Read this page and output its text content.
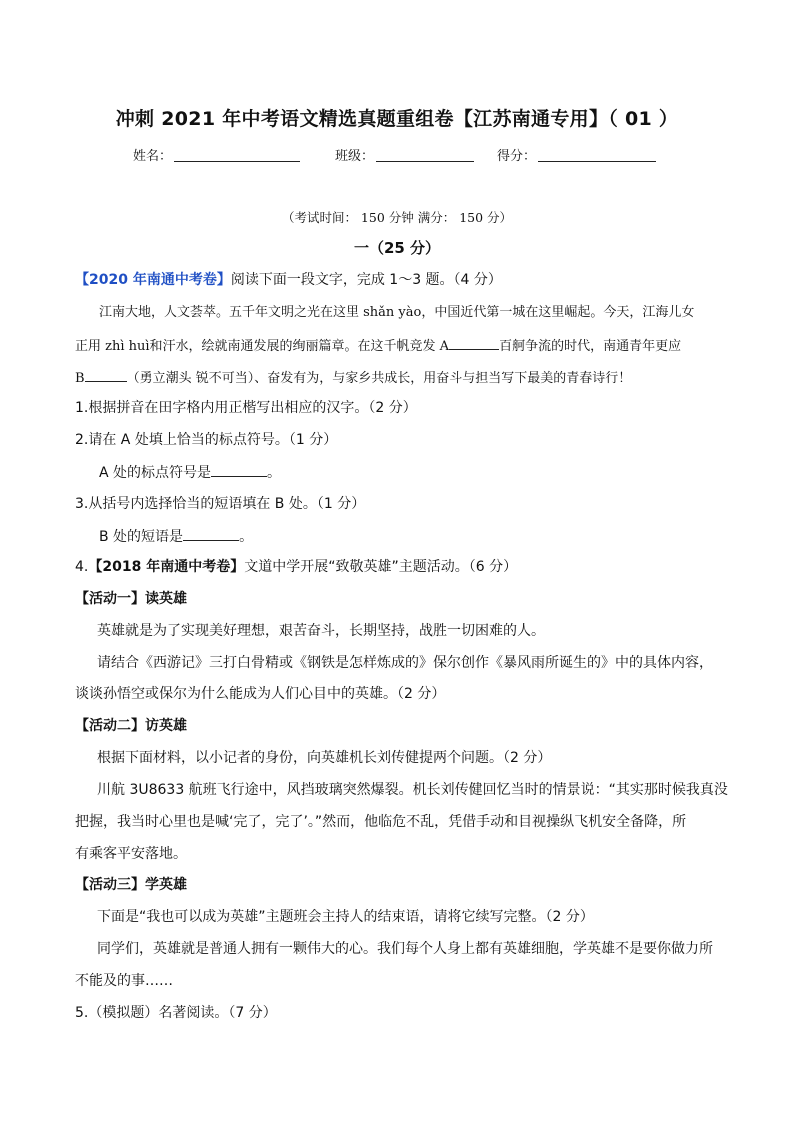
冲刺 2021 年中考语文精选真题重组卷【江苏南通专用】（ 01 ）
姓名：	班级：	得分：
（考试时间： 150 分钟 满分： 150 分）
一（25 分）
【2020 年南通中考卷】阅读下面一段文字，完成 1～3 题。（4 分）
江南大地，人文荟萃。五千年文明之光在这里 shǎn yào，中国近代第一城在这里崛起。今天，江海儿女
正用 zhì huì和汗水，绘就南通发展的绚丽篇章。在这千帆竞发 A	百舸争流的时代，南通青年更应
B	（勇立潮头 锐不可当）、奋发有为，与家乡共成长，用奋斗与担当写下最美的青春诗行！
1.根据拼音在田字格内用正楷写出相应的汉字。（2 分）
2.请在 A 处填上恰当的标点符号。（1 分）
A 处的标点符号是	。
3.从括号内选择恰当的短语填在 B 处。（1 分）
B 处的短语是	。
4.【2018 年南通中考卷】文道中学开展“致敬英雄”主题活动。（6 分）
【活动一】读英雄
英雄就是为了实现美好理想，艰苦奋斗，长期坚持，战胜一切困难的人。
请结合《西游记》三打白骨精或《钢铁是怎样炼成的》保尔创作《暴风雨所诞生的》中的具体内容，
谈谈孙悟空或保尔为什么能成为人们心目中的英雄。（2 分）
【活动二】访英雄
根据下面材料，以小记者的身份，向英雄机长刘传健提两个问题。（2 分）
川航 3U8633 航班飞行途中，风挡玻璃突然爆裂。机长刘传健回忆当时的情景说：“其实那时候我真没
把握，我当时心里也是喊‘完了，完了’。”然而，他临危不乱，凭借手动和目视操纵飞机安全备降，所
有乘客平安落地。
【活动三】学英雄
下面是“我也可以成为英雄”主题班会主持人的结束语，请将它续写完整。（2 分）
同学们，英雄就是普通人拥有一颗伟大的心。我们每个人身上都有英雄细胞，学英雄不是要你做力所
不能及的事……
5.（模拟题）名著阅读。（7 分）
